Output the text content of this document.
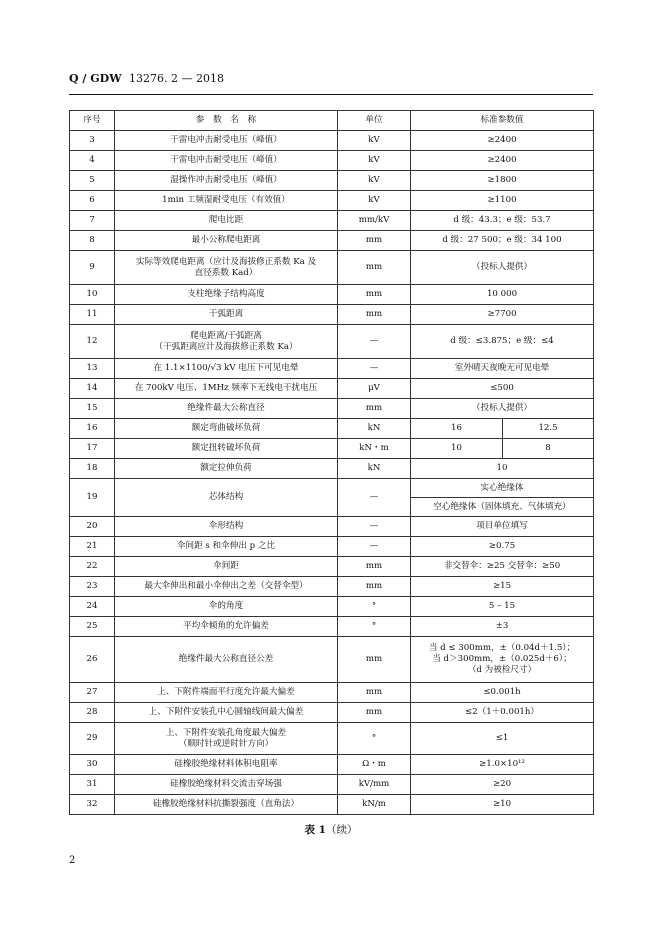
Q / GDW 13276. 2 — 2018
序号	参　数　名　称	单位	标准参数值	
3	干雷电冲击耐受电压（峰值）	kV	≥2400	
4	干雷电冲击耐受电压（峰值）	kV	≥2400	
5	湿操作冲击耐受电压（峰值）	kV	≥1800	
6	1min 工频湿耐受电压（有效值）	kV	≥1100	
7	爬电比距	mm/kV	d 级：43.3；e 级：53.7	
8	最小公称爬电距离	mm	d 级：27 500；e 级：34 100	
9	实际等效爬电距离（应计及海拔修正系数 Ka 及
直径系数 Kad）	mm	（投标人提供）	
10	支柱绝缘子结构高度	mm	10 000	
11	干弧距离	mm	≥7700	
12	爬电距离/干弧距离
（干弧距离应计及海拔修正系数 Ka）	—	d 级：≤3.875；e 级：≤4	
13	在 1.1×1100/√3 kV 电压下可见电晕	—	室外晴天夜晚无可见电晕	
14	在 700kV 电压、1MHz 频率下无线电干扰电压	μV	≤500	
15	绝缘件最大公称直径	mm	（投标人提供）	
16	额定弯曲破坏负荷	kN	16	12.5
17	额定扭转破坏负荷	kN・m	10	8
18	额定拉伸负荷	kN	10	
19	芯体结构	—	实心绝缘体	
			空心绝缘体（固体填充、气体填充）	
20	伞形结构	—	项目单位填写	
21	伞间距 s 和伞伸出 p 之比	—	≥0.75	
22	伞间距	mm	非交替伞：≥25 交替伞：≥50	
23	最大伞伸出和最小伞伸出之差（交替伞型）	mm	≥15	
24	伞的角度	°	5 – 15	
25	平均伞倾角的允许偏差	°	±3	
26	绝缘件最大公称直径公差	mm	当 d ≤ 300mm，±（0.04d＋1.5）；
当 d＞300mm，±（0.025d＋6）；
（d 为被检尺寸）	

27	上、下附件端面平行度允许最大偏差	mm	≤0.001h	
28	上、下附件安装孔中心圆轴线间最大偏差	mm	≤2（1＋0.001h）	
29	上、下附件安装孔角度最大偏差
（顺时针或逆时针方向）	°	≤1	
30	硅橡胶绝缘材料体积电阻率	Ω・m	≥1.0×10¹²	
31	硅橡胶绝缘材料交流击穿场强	kV/mm	≥20	
32	硅橡胶绝缘材料抗撕裂强度（直角法）	kN/m	≥10	
表 1（续）
2
